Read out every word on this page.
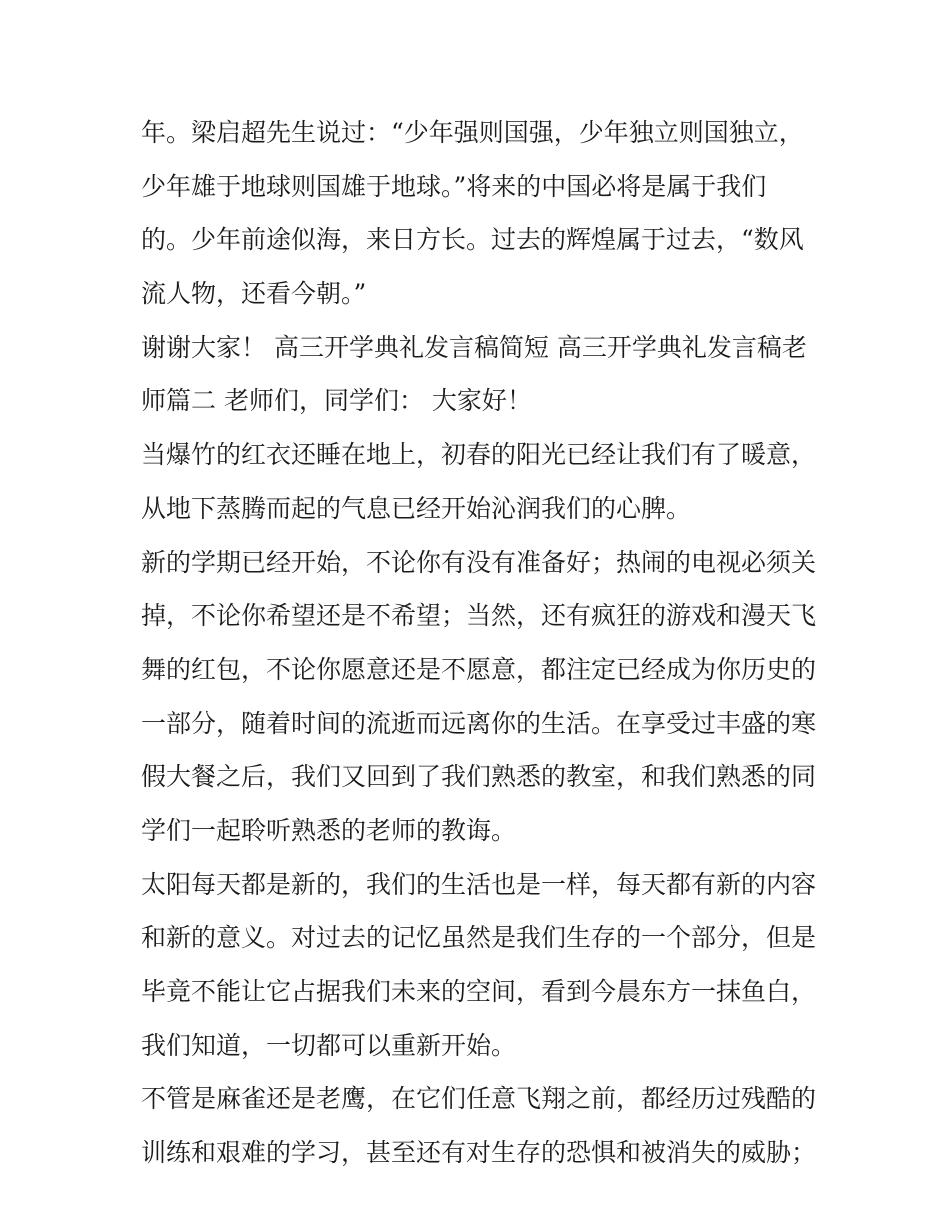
年。梁启超先生说过：“少年强则国强，少年独立则国独立，
少年雄于地球则国雄于地球。”将来的中国必将是属于我们
的。少年前途似海，来日方长。过去的辉煌属于过去，“数风
流人物，还看今朝。”
谢谢大家！ 高三开学典礼发言稿简短 高三开学典礼发言稿老
师篇二 老师们，同学们： 大家好！
当爆竹的红衣还睡在地上，初春的阳光已经让我们有了暖意，
从地下蒸腾而起的气息已经开始沁润我们的心脾。
新的学期已经开始，不论你有没有准备好；热闹的电视必须关
掉，不论你希望还是不希望；当然，还有疯狂的游戏和漫天飞
舞的红包，不论你愿意还是不愿意，都注定已经成为你历史的
一部分，随着时间的流逝而远离你的生活。在享受过丰盛的寒
假大餐之后，我们又回到了我们熟悉的教室，和我们熟悉的同
学们一起聆听熟悉的老师的教诲。
太阳每天都是新的，我们的生活也是一样，每天都有新的内容
和新的意义。对过去的记忆虽然是我们生存的一个部分，但是
毕竟不能让它占据我们未来的空间，看到今晨东方一抹鱼白，
我们知道，一切都可以重新开始。
不管是麻雀还是老鹰，在它们任意飞翔之前，都经历过残酷的
训练和艰难的学习，甚至还有对生存的恐惧和被消失的威胁；
